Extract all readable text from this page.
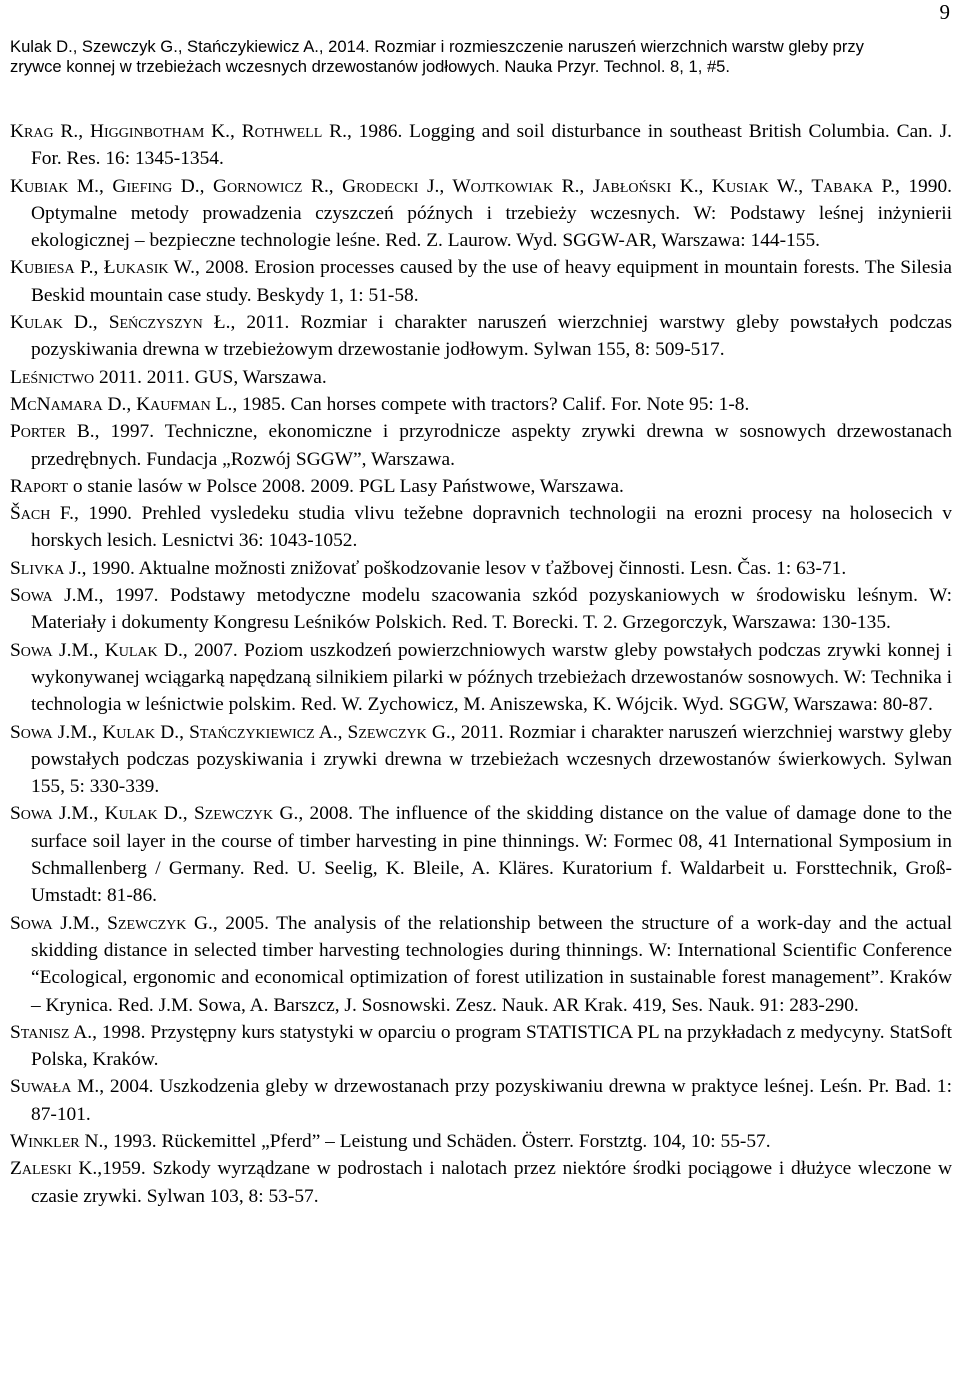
9
Kulak D., Szewczyk G., Stańczykiewicz A., 2014. Rozmiar i rozmieszczenie naruszeń wierzchnich warstw gleby przy
zrywce konnej w trzebieżach wczesnych drzewostanów jodłowych. Nauka Przyr. Technol. 8, 1, #5.
Krag R., Higginbotham K., Rothwell R., 1986. Logging and soil disturbance in southeast British Columbia. Can. J. For. Res. 16: 1345-1354.
Kubiak M., Giefing D., Gornowicz R., Grodecki J., Wojtkowiak R., Jabłoński K., Kusiak W., Tabaka P., 1990. Optymalne metody prowadzenia czyszczeń późnych i trzebieży wczesnych. W: Podstawy leśnej inżynierii ekologicznej – bezpieczne technologie leśne. Red. Z. Laurow. Wyd. SGGW-AR, Warszawa: 144-155.
Kubiesa P., Łukasik W., 2008. Erosion processes caused by the use of heavy equipment in mountain forests. The Silesia Beskid mountain case study. Beskydy 1, 1: 51-58.
Kulak D., Seńczyszyn Ł., 2011. Rozmiar i charakter naruszeń wierzchniej warstwy gleby powstałych podczas pozyskiwania drewna w trzebieżowym drzewostanie jodłowym. Sylwan 155, 8: 509-517.
Leśnictwo 2011. 2011. GUS, Warszawa.
McNamara D., Kaufman L., 1985. Can horses compete with tractors? Calif. For. Note 95: 1-8.
Porter B., 1997. Techniczne, ekonomiczne i przyrodnicze aspekty zrywki drewna w sosnowych drzewostanach przedrębnych. Fundacja „Rozwój SGGW”, Warszawa.
Raport o stanie lasów w Polsce 2008. 2009. PGL Lasy Państwowe, Warszawa.
Šach F., 1990. Prehled vysledeku studia vlivu težebne dopravnich technologii na erozni procesy na holosecich v horskych lesich. Lesnictvi 36: 1043-1052.
Slivka J., 1990. Aktualne možnosti znižovať poškodzovanie lesov v ťažbovej činnosti. Lesn. Čas. 1: 63-71.
Sowa J.M., 1997. Podstawy metodyczne modelu szacowania szkód pozyskaniowych w środowisku leśnym. W: Materiały i dokumenty Kongresu Leśników Polskich. Red. T. Borecki. T. 2. Grzegorczyk, Warszawa: 130-135.
Sowa J.M., Kulak D., 2007. Poziom uszkodzeń powierzchniowych warstw gleby powstałych podczas zrywki konnej i wykonywanej wciągarką napędzaną silnikiem pilarki w późnych trzebieżach drzewostanów sosnowych. W: Technika i technologia w leśnictwie polskim. Red. W. Zychowicz, M. Aniszewska, K. Wójcik. Wyd. SGGW, Warszawa: 80-87.
Sowa J.M., Kulak D., Stańczykiewicz A., Szewczyk G., 2011. Rozmiar i charakter naruszeń wierzchniej warstwy gleby powstałych podczas pozyskiwania i zrywki drewna w trzebieżach wczesnych drzewostanów świerkowych. Sylwan 155, 5: 330-339.
Sowa J.M., Kulak D., Szewczyk G., 2008. The influence of the skidding distance on the value of damage done to the surface soil layer in the course of timber harvesting in pine thinnings. W: Formec 08, 41 International Symposium in Schmallenberg / Germany. Red. U. Seelig, K. Bleile, A. Kläres. Kuratorium f. Waldarbeit u. Forsttechnik, Groß-Umstadt: 81-86.
Sowa J.M., Szewczyk G., 2005. The analysis of the relationship between the structure of a work-day and the actual skidding distance in selected timber harvesting technologies during thinnings. W: International Scientific Conference “Ecological, ergonomic and economical optimization of forest utilization in sustainable forest management”. Kraków – Krynica. Red. J.M. Sowa, A. Barszcz, J. Sosnowski. Zesz. Nauk. AR Krak. 419, Ses. Nauk. 91: 283-290.
Stanisz A., 1998. Przystępny kurs statystyki w oparciu o program STATISTICA PL na przykładach z medycyny. StatSoft Polska, Kraków.
Suwała M., 2004. Uszkodzenia gleby w drzewostanach przy pozyskiwaniu drewna w praktyce leśnej. Leśn. Pr. Bad. 1: 87-101.
Winkler N., 1993. Rückemittel „Pferd” – Leistung und Schäden. Österr. Forstztg. 104, 10: 55-57.
Zaleski K.,1959. Szkody wyrządzane w podrostach i nalotach przez niektóre środki pociągowe i dłużyce wleczone w czasie zrywki. Sylwan 103, 8: 53-57.
